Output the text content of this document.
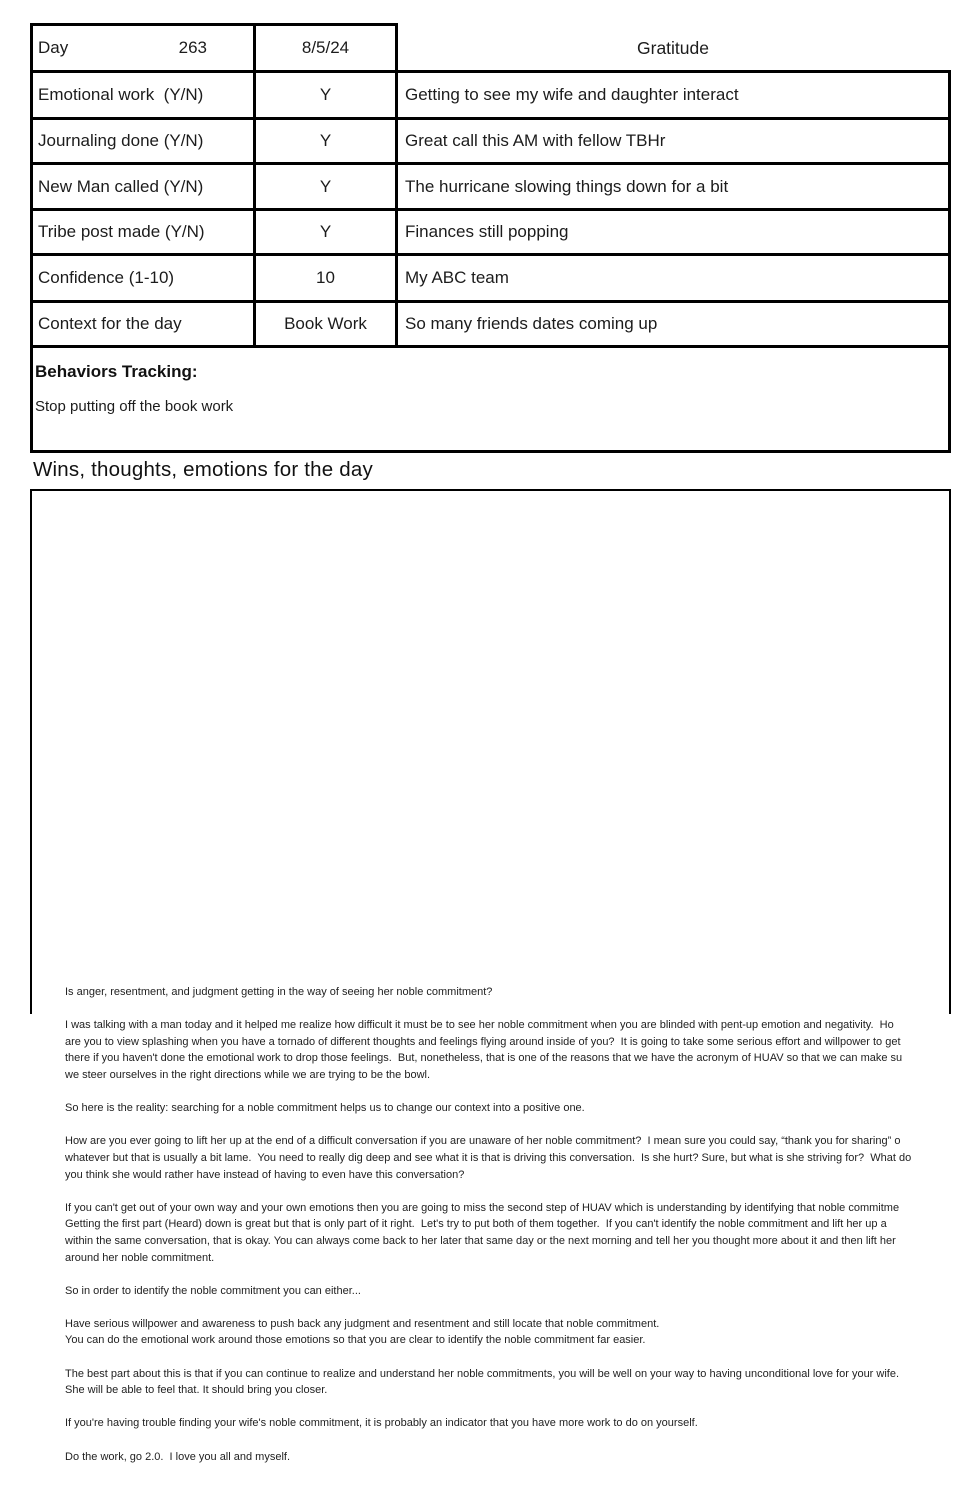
Day	263	8/5/24	Gratitude
Emotional work  (Y/N)	Y	Getting to see my wife and daughter interact
Journaling done (Y/N)	Y	Great call this AM with fellow TBHr
New Man called (Y/N)	Y	The hurricane slowing things down for a bit
Tribe post made (Y/N)	Y	Finances still popping
Confidence (1-10)	10	My ABC team
Context for the day	Book Work	So many friends dates coming up
Behaviors Tracking:
Stop putting off the book work
Wins, thoughts, emotions for the day
Is anger, resentment, and judgment getting in the way of seeing her noble commitment?
I was talking with a man today and it helped me realize how difficult it must be to see her noble commitment when you are blinded with pent-up emotion and negativity.  Ho
are you to view splashing when you have a tornado of different thoughts and feelings flying around inside of you?  It is going to take some serious effort and willpower to get
there if you haven't done the emotional work to drop those feelings.  But, nonetheless, that is one of the reasons that we have the acronym of HUAV so that we can make su
we steer ourselves in the right directions while we are trying to be the bowl.
So here is the reality: searching for a noble commitment helps us to change our context into a positive one.
How are you ever going to lift her up at the end of a difficult conversation if you are unaware of her noble commitment?  I mean sure you could say, “thank you for sharing” o
whatever but that is usually a bit lame.  You need to really dig deep and see what it is that is driving this conversation.  Is she hurt? Sure, but what is she striving for?  What do
you think she would rather have instead of having to even have this conversation?
If you can't get out of your own way and your own emotions then you are going to miss the second step of HUAV which is understanding by identifying that noble commitme
Getting the first part (Heard) down is great but that is only part of it right.  Let's try to put both of them together.  If you can't identify the noble commitment and lift her up a
within the same conversation, that is okay. You can always come back to her later that same day or the next morning and tell her you thought more about it and then lift her
around her noble commitment.
So in order to identify the noble commitment you can either...
Have serious willpower and awareness to push back any judgment and resentment and still locate that noble commitment.
You can do the emotional work around those emotions so that you are clear to identify the noble commitment far easier.
The best part about this is that if you can continue to realize and understand her noble commitments, you will be well on your way to having unconditional love for your wife.
She will be able to feel that. It should bring you closer.
If you're having trouble finding your wife's noble commitment, it is probably an indicator that you have more work to do on yourself.
Do the work, go 2.0.  I love you all and myself.
